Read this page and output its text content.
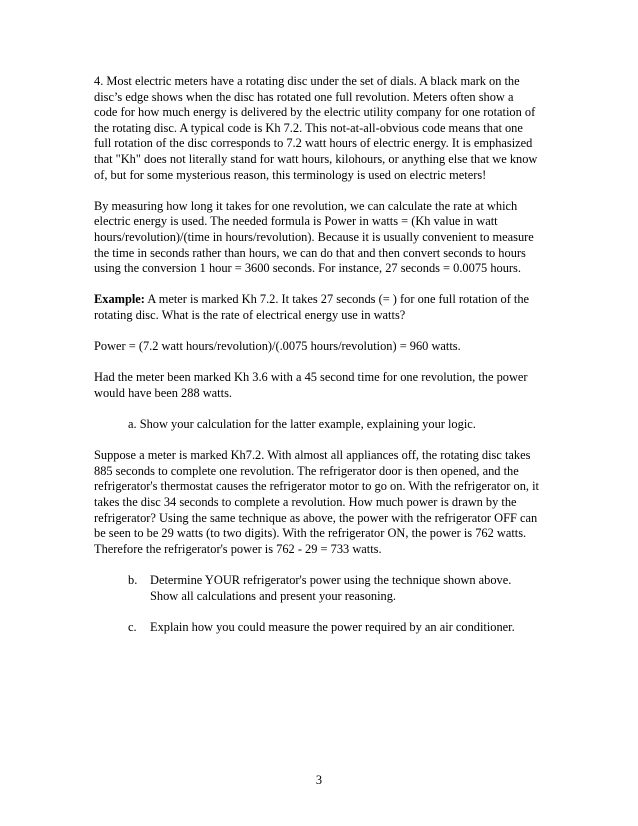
4. Most electric meters have a rotating disc under the set of dials. A black mark on the
disc’s edge shows when the disc has rotated one full revolution. Meters often show a
code for how much energy is delivered by the electric utility company for one rotation of
the rotating disc. A typical code is Kh 7.2. This not-at-all-obvious code means that one
full rotation of the disc corresponds to 7.2 watt hours of electric energy. It is emphasized
that "Kh" does not literally stand for watt hours, kilohours, or anything else that we know
of, but for some mysterious reason, this terminology is used on electric meters!

By measuring how long it takes for one revolution, we can calculate the rate at which
electric energy is used. The needed formula is Power in watts = (Kh value in watt
hours/revolution)/(time in hours/revolution). Because it is usually convenient to measure
the time in seconds rather than hours, we can do that and then convert seconds to hours
using the conversion 1 hour = 3600 seconds. For instance, 27 seconds = 0.0075 hours.

Example: A meter is marked Kh 7.2. It takes 27 seconds (= ) for one full rotation of the
rotating disc. What is the rate of electrical energy use in watts?

Power = (7.2 watt hours/revolution)/(.0075 hours/revolution) = 960 watts.

Had the meter been marked Kh 3.6 with a 45 second time for one revolution, the power
would have been 288 watts.

a. Show your calculation for the latter example, explaining your logic.

Suppose a meter is marked Kh7.2. With almost all appliances off, the rotating disc takes
885 seconds to complete one revolution. The refrigerator door is then opened, and the
refrigerator's thermostat causes the refrigerator motor to go on. With the refrigerator on, it
takes the disc 34 seconds to complete a revolution. How much power is drawn by the
refrigerator? Using the same technique as above, the power with the refrigerator OFF can
be seen to be 29 watts (to two digits). With the refrigerator ON, the power is 762 watts.
Therefore the refrigerator's power is 762 - 29 = 733 watts.

b.	Determine YOUR refrigerator's power using the technique shown above.
Show all calculations and present your reasoning.
c.	Explain how you could measure the power required by an air conditioner.
3
